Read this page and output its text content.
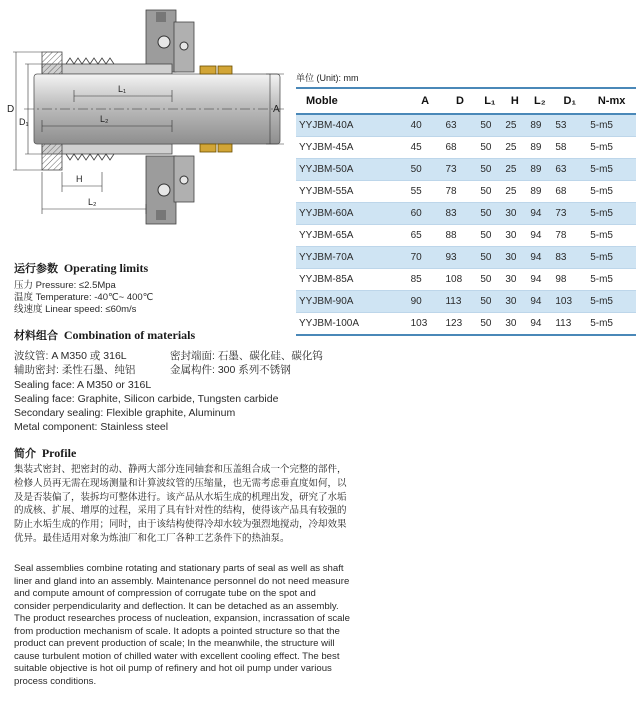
D
D₁
A
L₁
L₂
H
L₂
单位 (Unit): mm
Moble	A	D	L₁	H	L₂	D₁	N-mx
YYJBM-40A	40	63	50	25	89	53	5-m5
YYJBM-45A	45	68	50	25	89	58	5-m5
YYJBM-50A	50	73	50	25	89	63	5-m5
YYJBM-55A	55	78	50	25	89	68	5-m5
YYJBM-60A	60	83	50	30	94	73	5-m5
YYJBM-65A	65	88	50	30	94	78	5-m5
YYJBM-70A	70	93	50	30	94	83	5-m5
YYJBM-85A	85	108	50	30	94	98	5-m5
YYJBM-90A	90	113	50	30	94	103	5-m5
YYJBM-100A	103	123	50	30	94	113	5-m5
运行参数 Operating limits
压力 Pressure: ≤2.5Mpa
温度 Temperature: -40℃~ 400℃
线速度 Linear speed: ≤60m/s
材料组合 Combination of materials
波纹管: A M350 或 316L	密封端面: 石墨、碳化硅、碳化钨
辅助密封: 柔性石墨、纯铝	金属构件: 300 系列不锈钢
Sealing face: A M350 or 316L
Sealing face: Graphite, Silicon carbide, Tungsten carbide
Secondary sealing: Flexible graphite, Aluminum
Metal component: Stainless steel
简介 Profile
集装式密封、把密封的动、静两大部分连同轴套和压盖组合成一个完整的部件，检修人员再无需在现场测量和计算波纹管的压缩量，也无需考虑垂直度如何，以及是否装偏了，装拆均可整体进行。该产品从水垢生成的机理出发，研究了水垢的成核、扩展、增厚的过程，采用了具有针对性的结构，使得该产品具有较强的防止水垢生成的作用；同时，由于该结构使得冷却水较为强烈地搅动，冷却效果优异。最佳适用对象为炼油厂和化工厂各种工艺条件下的热油泵。
Seal assemblies combine rotating and stationary parts of seal as well as shaft liner and gland into an assembly. Maintenance personnel do not need measure and compute amount of compression of corrugate tube on the spot and consider perpendicularity and deflection. It can be detached as an assembly. The product researches process of nucleation, expansion, incrassation of scale from production mechanism of scale. It adopts a pointed structure so that the product can prevent production of scale; In the meanwhile, the structure will cause turbulent motion of chilled water with excellent cooling effect. The best suitable objective is hot oil pump of refinery and hot oil pump under various process conditions.
